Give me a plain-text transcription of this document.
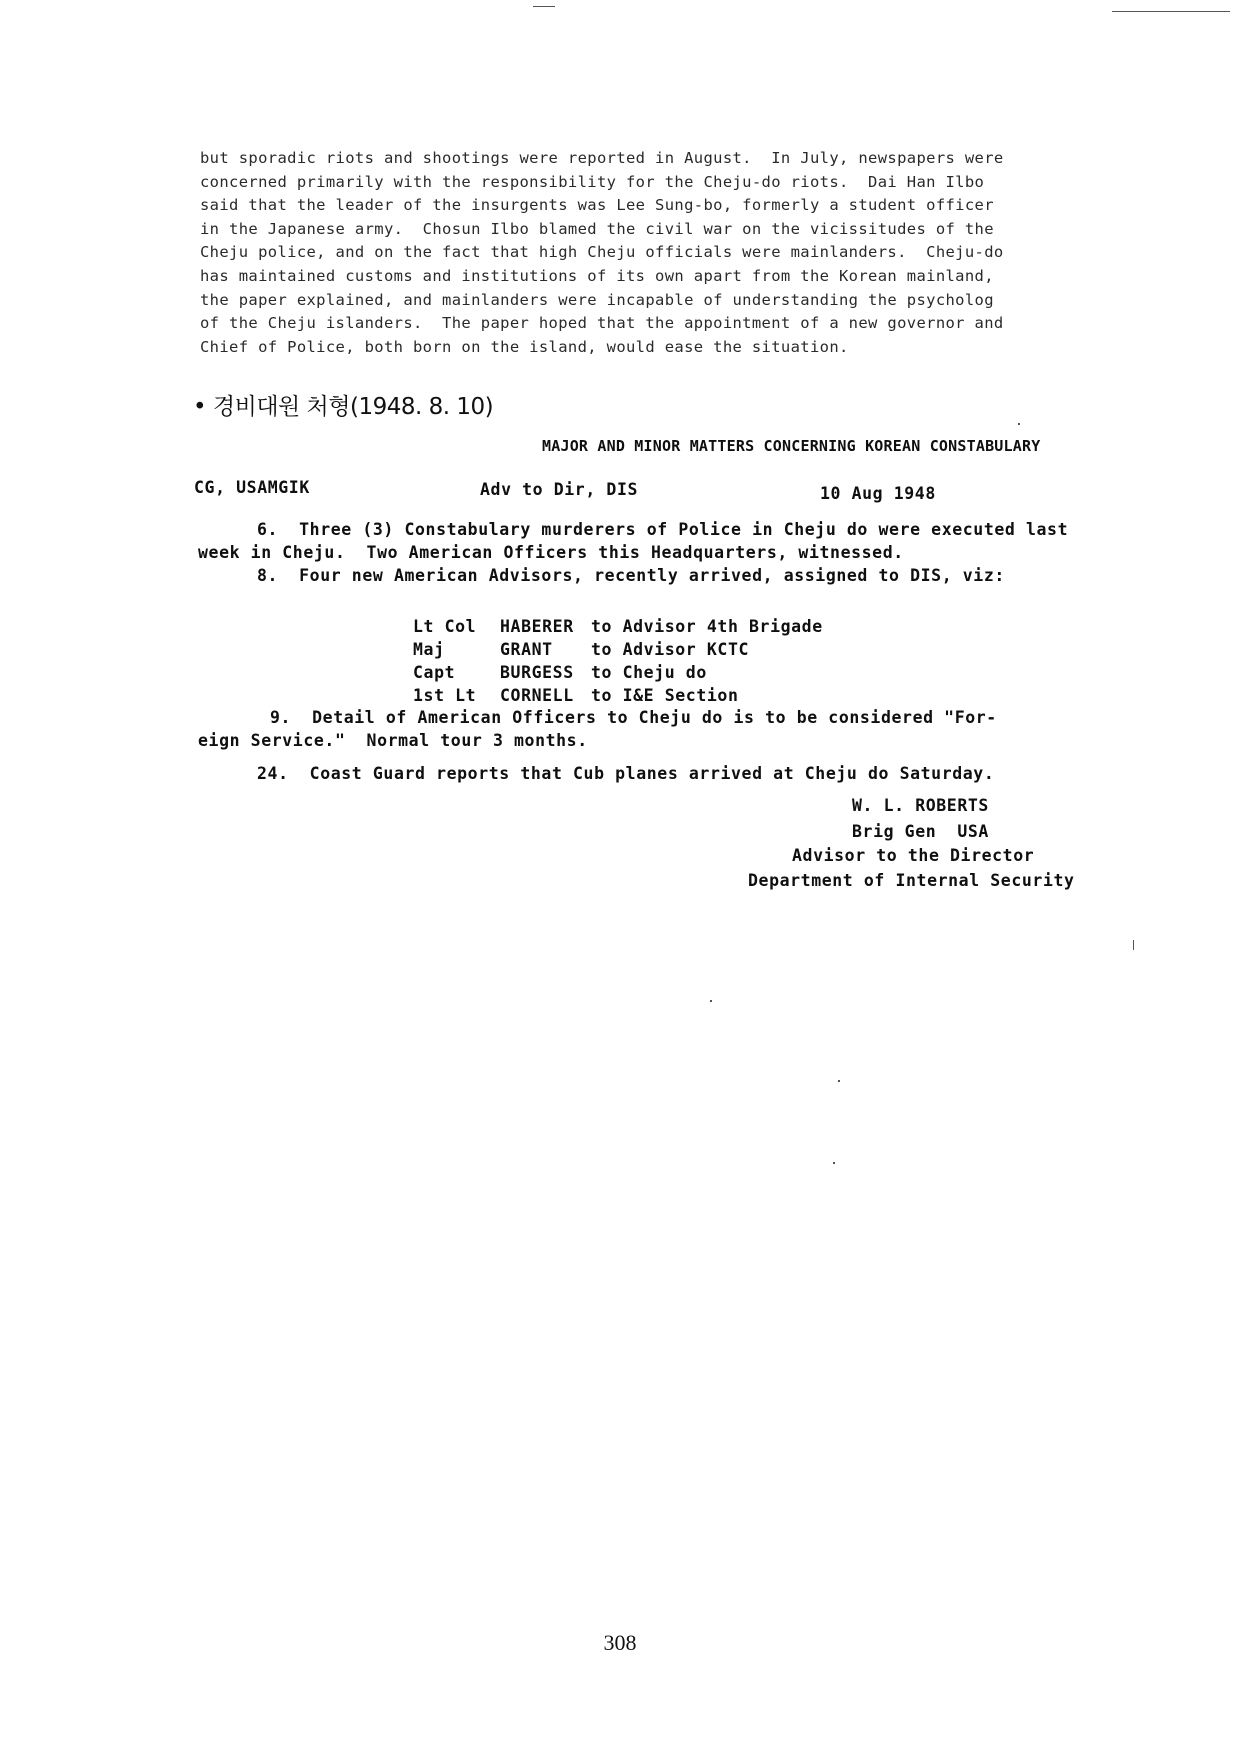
but sporadic riots and shootings were reported in August.  In July, newspapers were
concerned primarily with the responsibility for the Cheju-do riots.  Dai Han Ilbo
said that the leader of the insurgents was Lee Sung-bo, formerly a student officer
in the Japanese army.  Chosun Ilbo blamed the civil war on the vicissitudes of the
Cheju police, and on the fact that high Cheju officials were mainlanders.  Cheju-do
has maintained customs and institutions of its own apart from the Korean mainland,
the paper explained, and mainlanders were incapable of understanding the psycholog
of the Cheju islanders.  The paper hoped that the appointment of a new governor and
Chief of Police, both born on the island, would ease the situation.
• 경비대원 처형(1948. 8. 10)
MAJOR AND MINOR MATTERS CONCERNING KOREAN CONSTABULARY
CG, USAMGIK	Adv to Dir, DIS	10 Aug 1948
6.  Three (3) Constabulary murderers of Police in Cheju do were executed last
week in Cheju.  Two American Officers this Headquarters, witnessed.
8.  Four new American Advisors, recently arrived, assigned to DIS, viz:
Lt Col HABERER to Advisor 4th Brigade
Maj	GRANT to Advisor KCTC
Capt	BURGESS to Cheju do
1st Lt CORNELL to I&E Section
9.  Detail of American Officers to Cheju do is to be considered "For-
eign Service."  Normal tour 3 months.
24.  Coast Guard reports that Cub planes arrived at Cheju do Saturday.
W. L. ROBERTS
Brig Gen  USA
Advisor to the Director
Department of Internal Security
308
